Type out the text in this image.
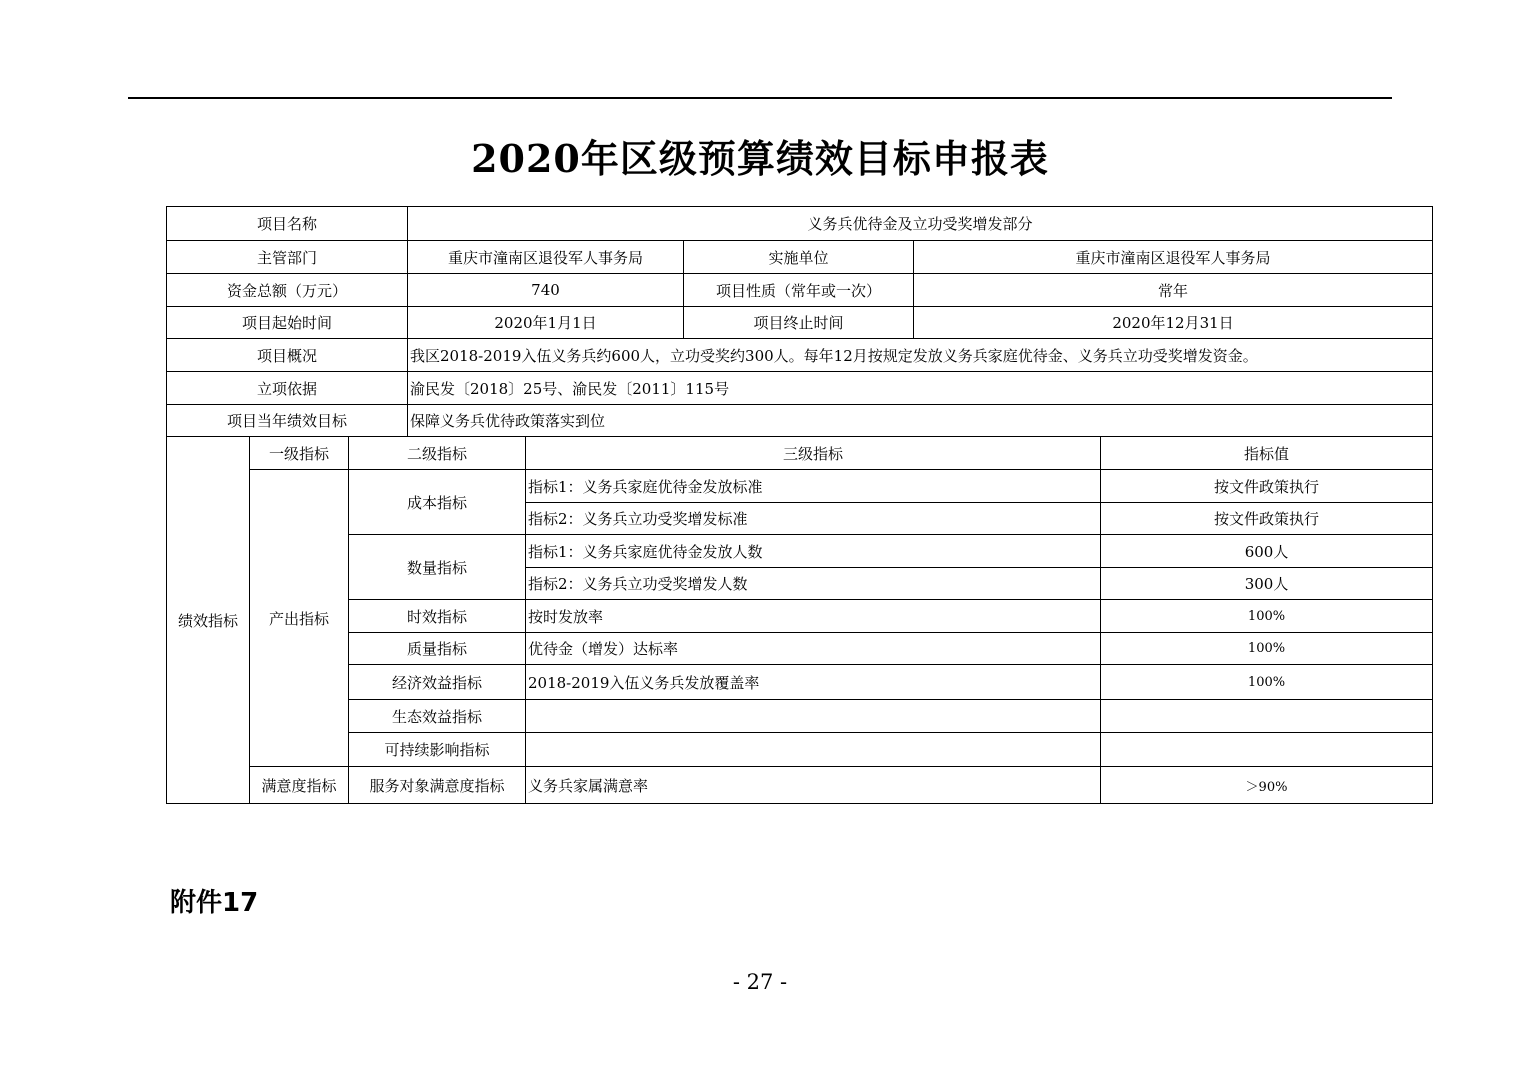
2020年区级预算绩效目标申报表
项目名称			义务兵优待金及立功受奖增发部分				
主管部门			重庆市潼南区退役军人事务局		实施单位	重庆市潼南区退役军人事务局	
资金总额（万元）			740		项目性质（常年或一次）	常年	
项目起始时间			2020年1月1日		项目终止时间	2020年12月31日	
项目概况			我区2018-2019入伍义务兵约600人，立功受奖约300人。每年12月按规定发放义务兵家庭优待金、义务兵立功受奖增发资金。				
立项依据			渝民发〔2018〕25号、渝民发〔2011〕115号				
项目当年绩效目标			保障义务兵优待政策落实到位				
绩效指标	一级指标	二级指标		三级指标			指标值
	产出指标	成本指标		指标1：义务兵家庭优待金发放标准			按文件政策执行
				指标2：义务兵立功受奖增发标准			按文件政策执行
		数量指标		指标1：义务兵家庭优待金发放人数			600人
				指标2：义务兵立功受奖增发人数			300人
		时效指标		按时发放率			100%
		质量指标		优待金（增发）达标率			100%
		经济效益指标		2018-2019入伍义务兵发放覆盖率			100%
		生态效益指标					
		可持续影响指标					
	满意度指标	服务对象满意度指标		义务兵家属满意率			＞90%
附件17
- 27 -
